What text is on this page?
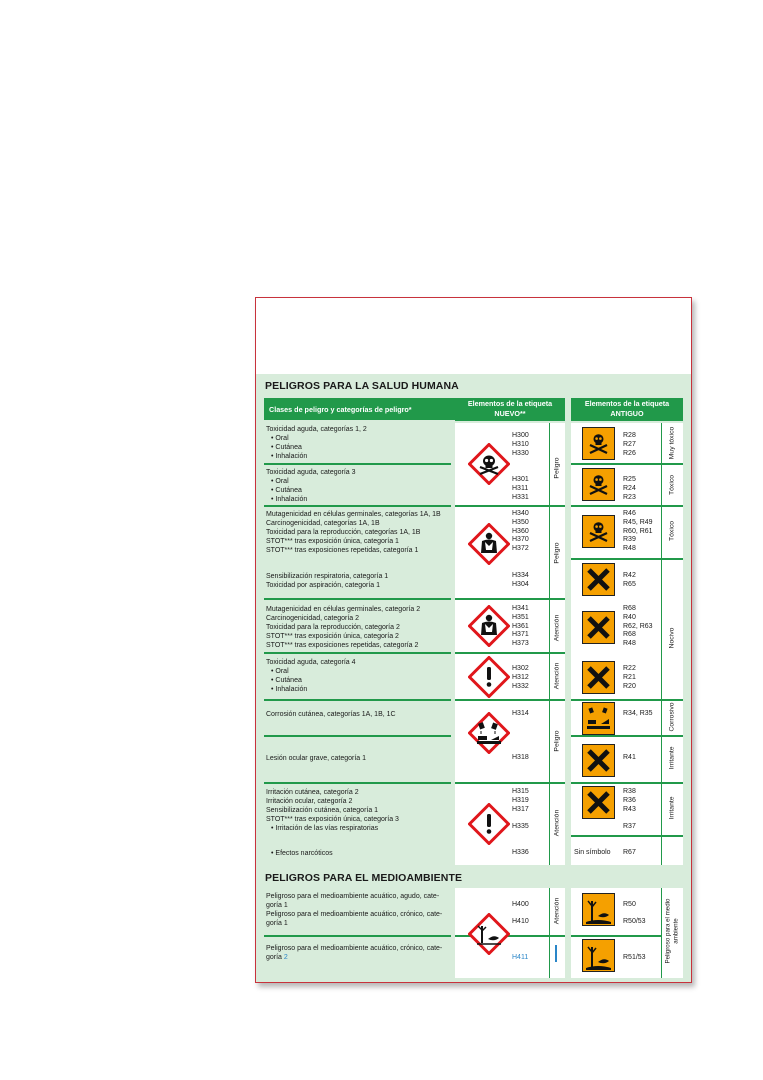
PELIGROS PARA LA SALUD HUMANA
Clases de peligro y categorías de peligro*
Elementos de la etiqueta
NUEVO**
Elementos de la etiqueta
ANTIGUO
Toxicidad aguda, categorías 1, 2
• Oral
• Cutánea
• Inhalación
Toxicidad aguda, categoría 3
• Oral
• Cutánea
• Inhalación
Mutagenicidad en células germinales, categorías 1A, 1B
Carcinogenicidad, categorías 1A, 1B
Toxicidad para la reproducción, categorías 1A, 1B
STOT*** tras exposición única, categoría 1
STOT*** tras exposiciones repetidas, categoría 1
Sensibilización respiratoria, categoría 1
Toxicidad por aspiración, categoría 1
Mutagenicidad en células germinales, categoría 2
Carcinogenicidad, categoría 2
Toxicidad para la reproducción, categoría 2
STOT*** tras exposición única, categoría 2
STOT*** tras exposiciones repetidas, categoría 2
Toxicidad aguda, categoría 4
• Oral
• Cutánea
• Inhalación
Corrosión cutánea, categorías 1A, 1B, 1C
Lesión ocular grave, categoría 1
Irritación cutánea, categoría 2
Irritación ocular, categoría 2
Sensibilización cutánea, categoría 1
STOT*** tras exposición única, categoría 3
• Irritación de las vías respiratorias
• Efectos narcóticos
H300
H310
H330
H301
H311
H331
H340
H350
H360
H370
H372
H334
H304
H341
H351
H361
H371
H373
H302
H312
H332
H314
H318
H315
H319
H317

H335
H336
Peligro
Peligro
Atención
Atención
Peligro
Atención
R28
R27
R26
R25
R24
R23
R46
R45, R49
R60, R61
R39
R48
R42
R65
R68
R40
R62, R63
R68
R48
R22
R21
R20
R34, R35
R41
R38
R36
R43

R37
Sin símbolo R67
Muy tóxico
Tóxico
Tóxico
Nocivo
Corrosivo
Irritante
Irritante
PELIGROS PARA EL MEDIOAMBIENTE
Peligroso para el medioambiente acuático, agudo, cate-
goría 1
Peligroso para el medioambiente acuático, crónico, cate-
goría 1
Peligroso para el medioambiente acuático, crónico, cate-
goría 2
H400
H410
H411
Atención	R50
R50/53
R51/53	Peligroso para el medio ambiente
